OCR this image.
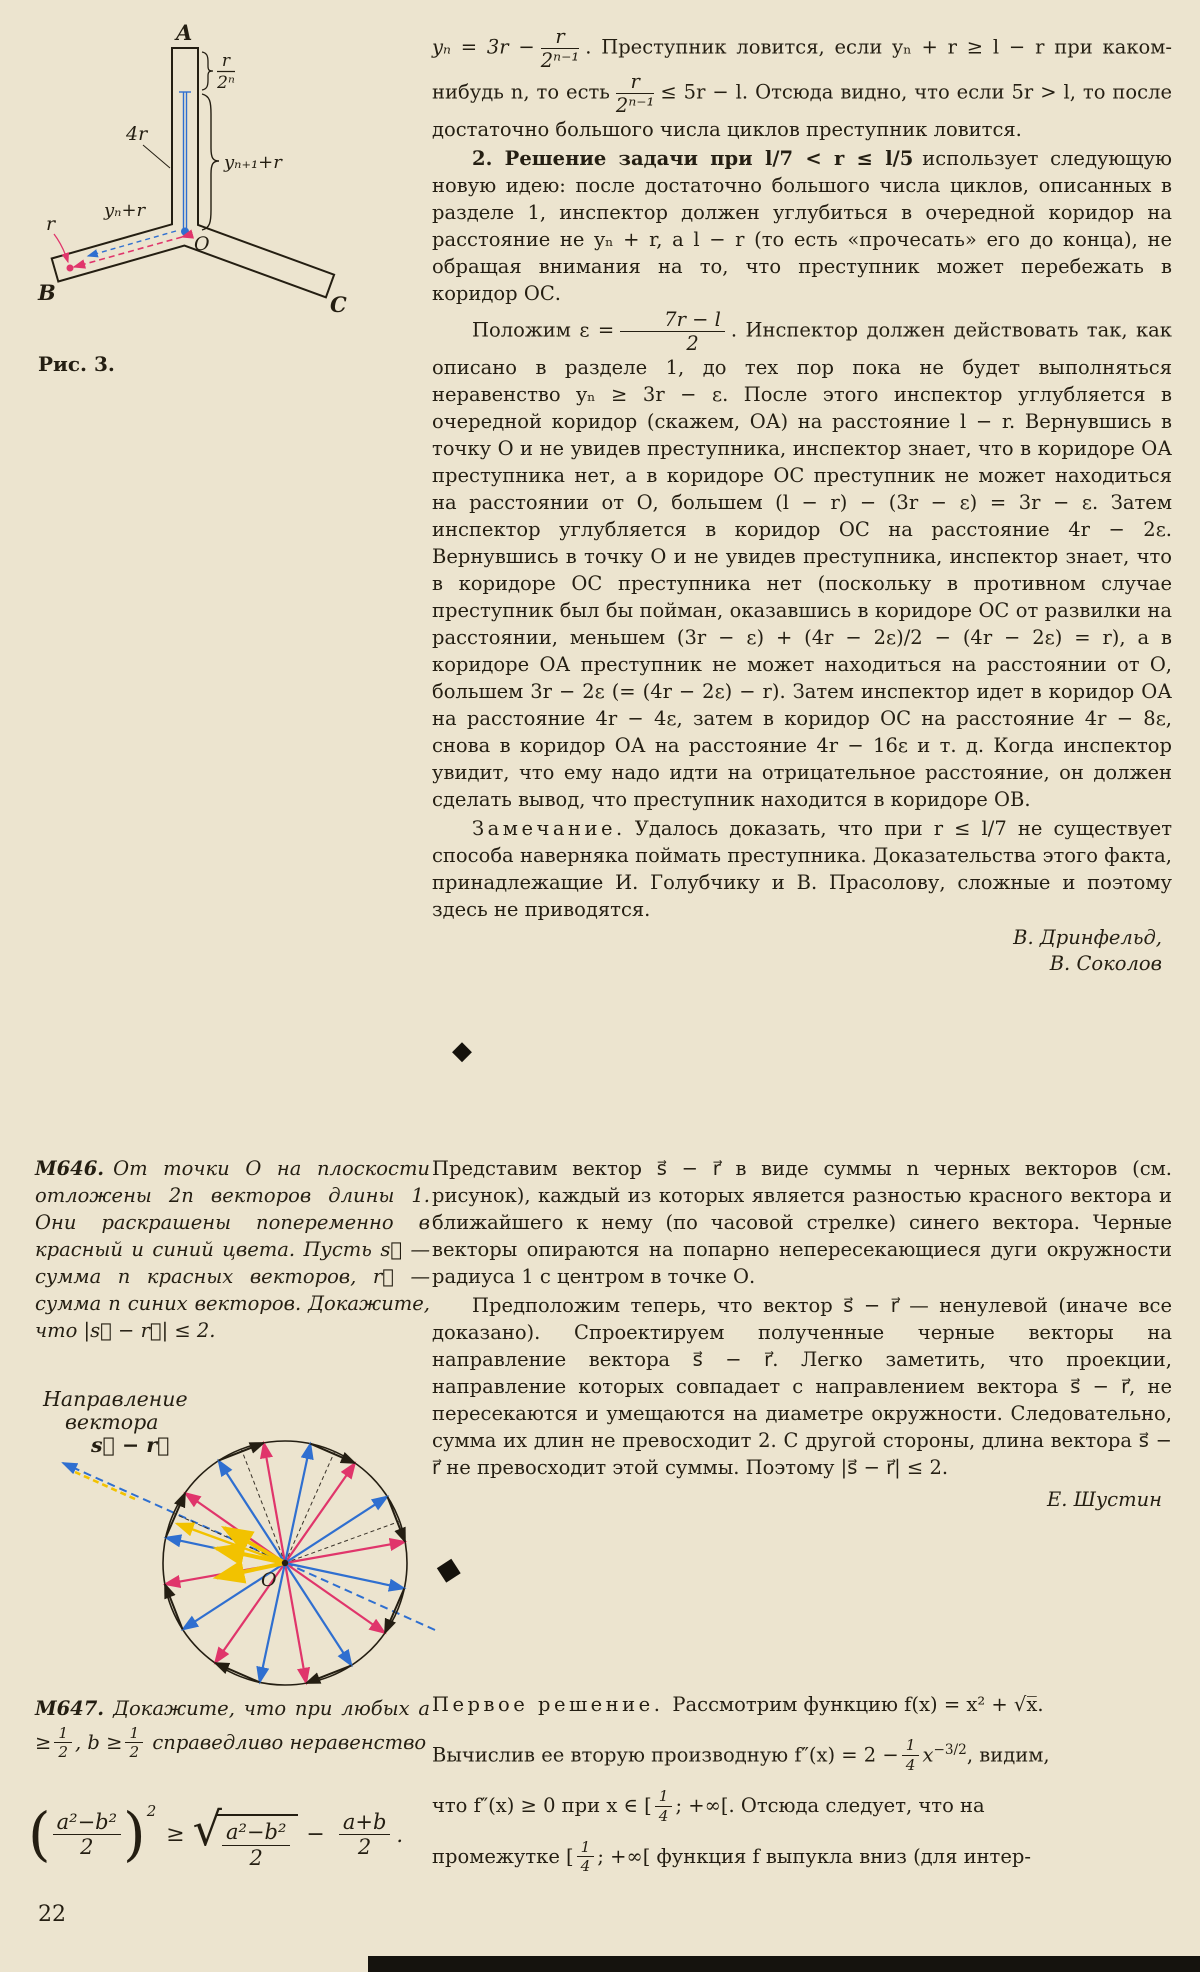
r
2ⁿ
A
B	C
O
4r
yₙ+r
yₙ₊₁+r
r
Рис. 3.

$y_n = 3r - \frac{r}{\text{2ⁿ⁻¹}}$ . Преступник ловится, если yₙ + r ≥ l − r при каком-нибудь n, то есть $\frac{r}{\text{2ⁿ⁻¹}} \le 5r - l$. Отсюда видно, что если 5r > l, то после достаточно большого числа циклов преступник ловится.

2. Решение задачи при l/7 < r ≤ l/5 использует следующую новую идею: после достаточно большого числа циклов, описанных в разделе 1, инспектор должен углубиться в очередной коридор на расстояние не yₙ + r, а l − r (то есть «прочесать» его до конца), не обращая внимания на то, что преступник может перебежать в коридор ОС.

Положим $\varepsilon = \frac{7r - l}{2}$ . Инспектор должен действовать так, как описано в разделе 1, до тех пор пока не будет выполняться неравенство yₙ ≥ 3r − ε. После этого инспектор углубляется в очередной коридор (скажем, ОА) на расстояние l − r. Вернувшись в точку О и не увидев преступника, инспектор знает, что в коридоре ОА преступника нет, а в коридоре ОС преступник не может находиться на расстоянии от О, большем (l − r) − (3r − ε) = 3r − ε. Затем инспектор углубляется в коридор ОС на расстояние 4r − 2ε. Вернувшись в точку О и не увидев преступника, инспектор знает, что в коридоре ОС преступника нет (поскольку в противном случае преступник был бы пойман, оказавшись в коридоре ОС от развилки на расстоянии, меньшем (3r − ε) + (4r − 2ε)/2 − (4r − 2ε) = r), а в коридоре ОА преступник не может находиться на расстоянии от О, большем 3r − 2ε (= (4r − 2ε) − r). Затем инспектор идет в коридор ОА на расстояние 4r − 4ε, затем в коридор ОС на расстояние 4r − 8ε, снова в коридор ОА на расстояние 4r − 16ε и т. д. Когда инспектор увидит, что ему надо идти на отрицательное расстояние, он должен сделать вывод, что преступник находится в коридоре ОВ.

Замечание. Удалось доказать, что при r ≤ l/7 не существует способа наверняка поймать преступника. Доказательства этого факта, принадлежащие И. Голубчику и В. Прасолову, сложные и поэтому здесь не приводятся.

В. Дринфельд,
В. Соколов
◆

М646. От точки О на плоскости отложены 2n векторов длины 1. Они раскрашены попеременно в красный и синий цвета. Пусть s⃗ — сумма n красных векторов, r⃗ — сумма n синих векторов. Докажите, что |s⃗ − r⃗| ≤ 2.

Направление
вектора
s⃗ − r⃗
O

Представим вектор s⃗ − r⃗ в виде суммы n черных векторов (см. рисунок), каждый из которых является разностью красного вектора и ближайшего к нему (по часовой стрелке) синего вектора. Черные векторы опираются на попарно непересекающиеся дуги окружности радиуса 1 с центром в точке О.

Предположим теперь, что вектор s⃗ − r⃗ — ненулевой (иначе все доказано). Спроектируем полученные черные векторы на направление вектора s⃗ − r⃗. Легко заметить, что проекции, направление которых совпадает с направлением вектора s⃗ − r⃗, не пересекаются и умещаются на диаметре окружности. Следовательно, сумма их длин не превосходит 2. С другой стороны, длина вектора s⃗ − r⃗ не превосходит этой суммы. Поэтому |s⃗ − r⃗| ≤ 2.

Е. Шустин
◆

М647. Докажите, что при любых $a \ge \frac{1}{2}$ , $b \ge \frac{1}{2}$ справедливо неравенство

( $\frac{\text{a²−b²}}{2}$ ) 2
≥ √ $\frac{\text{a²−b²}}{2} - \frac{a+b}{2}$ .
Первое решение. Рассмотрим функцию f(x) = x² + √x̅.
Вычислив ее вторую производную $f''(x) = 2 - \frac{1}{4} x^{-3/2}$, видим,
что f″(x) ≥ 0 при x ∈ [ $\frac{1}{4}$ ; +∞[. Отсюда следует, что на
промежутке [ $\frac{1}{4}$ ; +∞[ функция f выпукла вниз (для интер-
22
